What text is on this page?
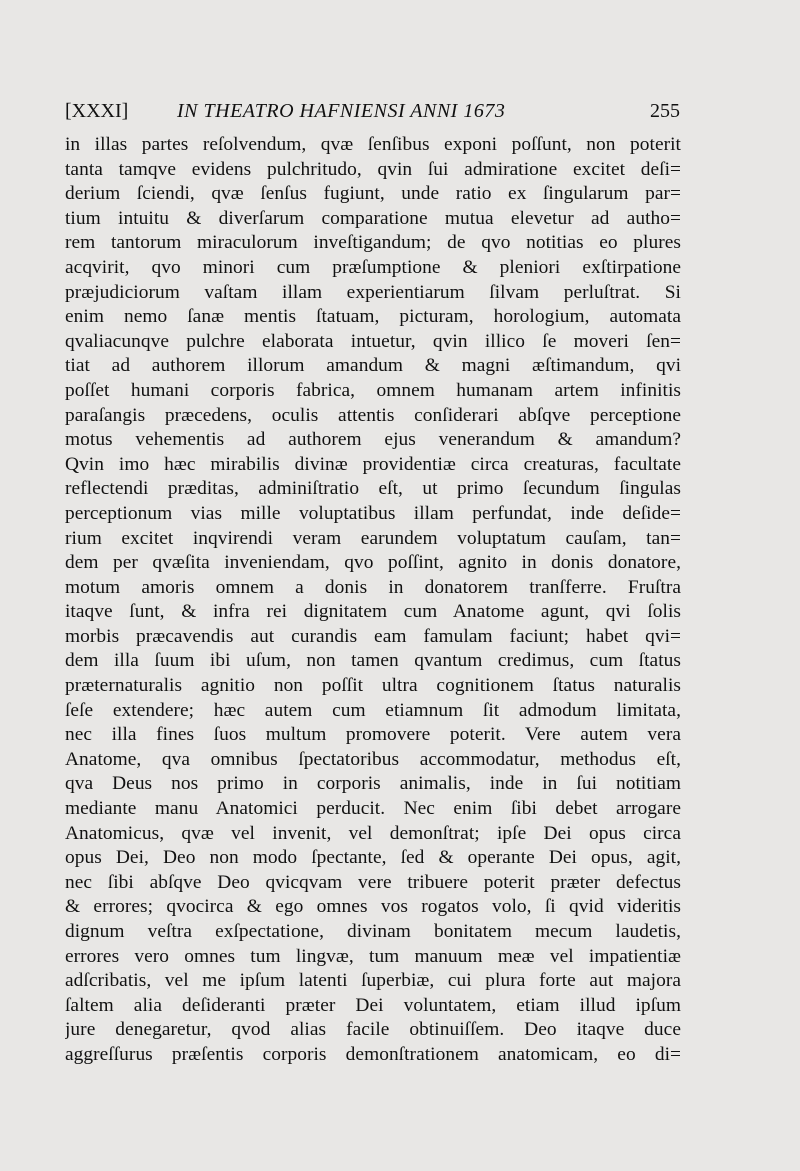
[XXXI] IN THEATRO HAFNIENSI ANNI 1673	255
in illas partes reſolvendum, qvæ ſenſibus exponi poſſunt, non poterit
tanta tamqve evidens pulchritudo, qvin ſui admiratione excitet deſi=
derium ſciendi, qvæ ſenſus fugiunt, unde ratio ex ſingularum par=
tium intuitu & diverſarum comparatione mutua elevetur ad autho=
rem tantorum miraculorum inveſtigandum; de qvo notitias eo plures
acqvirit, qvo minori cum præſumptione & pleniori exſtirpatione
præjudiciorum vaſtam illam experientiarum ſilvam perluſtrat. Si
enim nemo ſanæ mentis ſtatuam, picturam, horologium, automata
qvaliacunqve pulchre elaborata intuetur, qvin illico ſe moveri ſen=
tiat ad authorem illorum amandum & magni æſtimandum, qvi
poſſet humani corporis fabrica, omnem humanam artem infinitis
paraſangis præcedens, oculis attentis conſiderari abſqve perceptione
motus vehementis ad authorem ejus venerandum & amandum?
Qvin imo hæc mirabilis divinæ providentiæ circa creaturas, facultate
reflectendi præditas, adminiſtratio eſt, ut primo ſecundum ſingulas
perceptionum vias mille voluptatibus illam perfundat, inde deſide=
rium excitet inqvirendi veram earundem voluptatum cauſam, tan=
dem per qvæſita inveniendam, qvo poſſint, agnito in donis donatore,
motum amoris omnem a donis in donatorem tranſferre. Fruſtra
itaqve ſunt, & infra rei dignitatem cum Anatome agunt, qvi ſolis
morbis præcavendis aut curandis eam famulam faciunt; habet qvi=
dem illa ſuum ibi uſum, non tamen qvantum credimus, cum ſtatus
præternaturalis agnitio non poſſit ultra cognitionem ſtatus naturalis
ſeſe extendere; hæc autem cum etiamnum ſit admodum limitata,
nec illa fines ſuos multum promovere poterit. Vere autem vera
Anatome, qva omnibus ſpectatoribus accommodatur, methodus eſt,
qva Deus nos primo in corporis animalis, inde in ſui notitiam
mediante manu Anatomici perducit. Nec enim ſibi debet arrogare
Anatomicus, qvæ vel invenit, vel demonſtrat; ipſe Dei opus circa
opus Dei, Deo non modo ſpectante, ſed & operante Dei opus, agit,
nec ſibi abſqve Deo qvicqvam vere tribuere poterit præter defectus
& errores; qvocirca & ego omnes vos rogatos volo, ſi qvid videritis
dignum veſtra exſpectatione, divinam bonitatem mecum laudetis,
errores vero omnes tum lingvæ, tum manuum meæ vel impatientiæ
adſcribatis, vel me ipſum latenti ſuperbiæ, cui plura forte aut majora
ſaltem alia deſideranti præter Dei voluntatem, etiam illud ipſum
jure denegaretur, qvod alias facile obtinuiſſem. Deo itaqve duce
aggreſſurus præſentis corporis demonſtrationem anatomicam, eo di=
